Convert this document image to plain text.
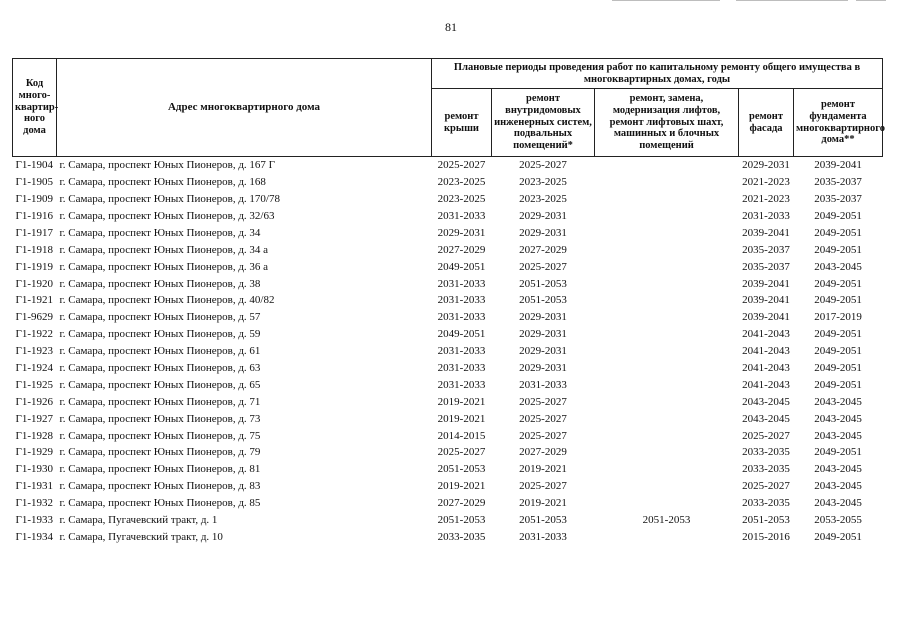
81
Код много-квартир-ного дома	Адрес многоквартирного дома	Плановые периоды проведения работ по капитальному ремонту общего имущества в многоквартирных домах, годы				
		ремонт крыши	ремонт внутридомовых инженерных систем, подвальных помещений*	ремонт, замена, модернизация лифтов, ремонт лифтовых шахт, машинных и блочных помещений	ремонт фасада	ремонт фундамента многоквартирного дома**
Г1-1904	г. Самара, проспект Юных Пионеров, д. 167 Г	2025-2027	2025-2027		2029-2031	2039-2041
Г1-1905	г. Самара, проспект Юных Пионеров, д. 168	2023-2025	2023-2025		2021-2023	2035-2037
Г1-1909	г. Самара, проспект Юных Пионеров, д. 170/78	2023-2025	2023-2025		2021-2023	2035-2037
Г1-1916	г. Самара, проспект Юных Пионеров, д. 32/63	2031-2033	2029-2031		2031-2033	2049-2051
Г1-1917	г. Самара, проспект Юных Пионеров, д. 34	2029-2031	2029-2031		2039-2041	2049-2051
Г1-1918	г. Самара, проспект Юных Пионеров, д. 34 а	2027-2029	2027-2029		2035-2037	2049-2051
Г1-1919	г. Самара, проспект Юных Пионеров, д. 36 а	2049-2051	2025-2027		2035-2037	2043-2045
Г1-1920	г. Самара, проспект Юных Пионеров, д. 38	2031-2033	2051-2053		2039-2041	2049-2051
Г1-1921	г. Самара, проспект Юных Пионеров, д. 40/82	2031-2033	2051-2053		2039-2041	2049-2051
Г1-9629	г. Самара, проспект Юных Пионеров, д. 57	2031-2033	2029-2031		2039-2041	2017-2019
Г1-1922	г. Самара, проспект Юных Пионеров, д. 59	2049-2051	2029-2031		2041-2043	2049-2051
Г1-1923	г. Самара, проспект Юных Пионеров, д. 61	2031-2033	2029-2031		2041-2043	2049-2051
Г1-1924	г. Самара, проспект Юных Пионеров, д. 63	2031-2033	2029-2031		2041-2043	2049-2051
Г1-1925	г. Самара, проспект Юных Пионеров, д. 65	2031-2033	2031-2033		2041-2043	2049-2051
Г1-1926	г. Самара, проспект Юных Пионеров, д. 71	2019-2021	2025-2027		2043-2045	2043-2045
Г1-1927	г. Самара, проспект Юных Пионеров, д. 73	2019-2021	2025-2027		2043-2045	2043-2045
Г1-1928	г. Самара, проспект Юных Пионеров, д. 75	2014-2015	2025-2027		2025-2027	2043-2045
Г1-1929	г. Самара, проспект Юных Пионеров, д. 79	2025-2027	2027-2029		2033-2035	2049-2051
Г1-1930	г. Самара, проспект Юных Пионеров, д. 81	2051-2053	2019-2021		2033-2035	2043-2045
Г1-1931	г. Самара, проспект Юных Пионеров, д. 83	2019-2021	2025-2027		2025-2027	2043-2045
Г1-1932	г. Самара, проспект Юных Пионеров, д. 85	2027-2029	2019-2021		2033-2035	2043-2045
Г1-1933	г. Самара, Пугачевский тракт, д. 1	2051-2053	2051-2053	2051-2053	2051-2053	2053-2055
Г1-1934	г. Самара, Пугачевский тракт, д. 10	2033-2035	2031-2033		2015-2016	2049-2051
